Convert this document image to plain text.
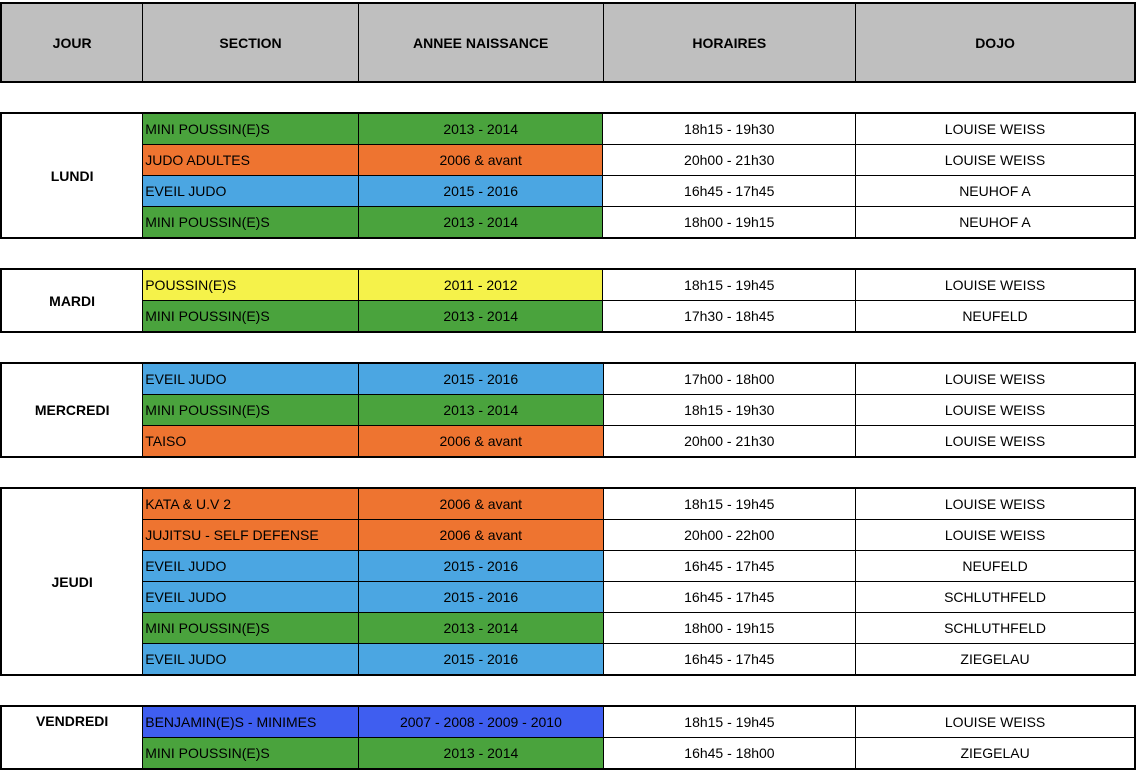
JOUR	SECTION	ANNEE NAISSANCE	HORAIRES	DOJO
LUNDI	MINI POUSSIN(E)S	2013 - 2014	18h15 - 19h30	LOUISE WEISS
	JUDO ADULTES	2006 & avant	20h00 - 21h30	LOUISE WEISS
	EVEIL JUDO	2015 - 2016	16h45 - 17h45	NEUHOF A
	MINI POUSSIN(E)S	2013 - 2014	18h00 - 19h15	NEUHOF A
MARDI	POUSSIN(E)S	2011 - 2012	18h15 - 19h45	LOUISE WEISS
	MINI POUSSIN(E)S	2013 - 2014	17h30 - 18h45	NEUFELD
MERCREDI	EVEIL JUDO	2015 - 2016	17h00 - 18h00	LOUISE WEISS
	MINI POUSSIN(E)S	2013 - 2014	18h15 - 19h30	LOUISE WEISS
	TAISO	2006 & avant	20h00 - 21h30	LOUISE WEISS
JEUDI	KATA & U.V 2	2006 & avant	18h15 - 19h45	LOUISE WEISS
	JUJITSU - SELF DEFENSE	2006 & avant	20h00 - 22h00	LOUISE WEISS
	EVEIL JUDO	2015 - 2016	16h45 - 17h45	NEUFELD
	EVEIL JUDO	2015 - 2016	16h45 - 17h45	SCHLUTHFELD
	MINI POUSSIN(E)S	2013 - 2014	18h00 - 19h15	SCHLUTHFELD
	EVEIL JUDO	2015 - 2016	16h45 - 17h45	ZIEGELAU
VENDREDI	BENJAMIN(E)S - MINIMES	2007 - 2008 - 2009 - 2010	18h15 - 19h45	LOUISE WEISS
	MINI POUSSIN(E)S	2013 - 2014	16h45 - 18h00	ZIEGELAU
